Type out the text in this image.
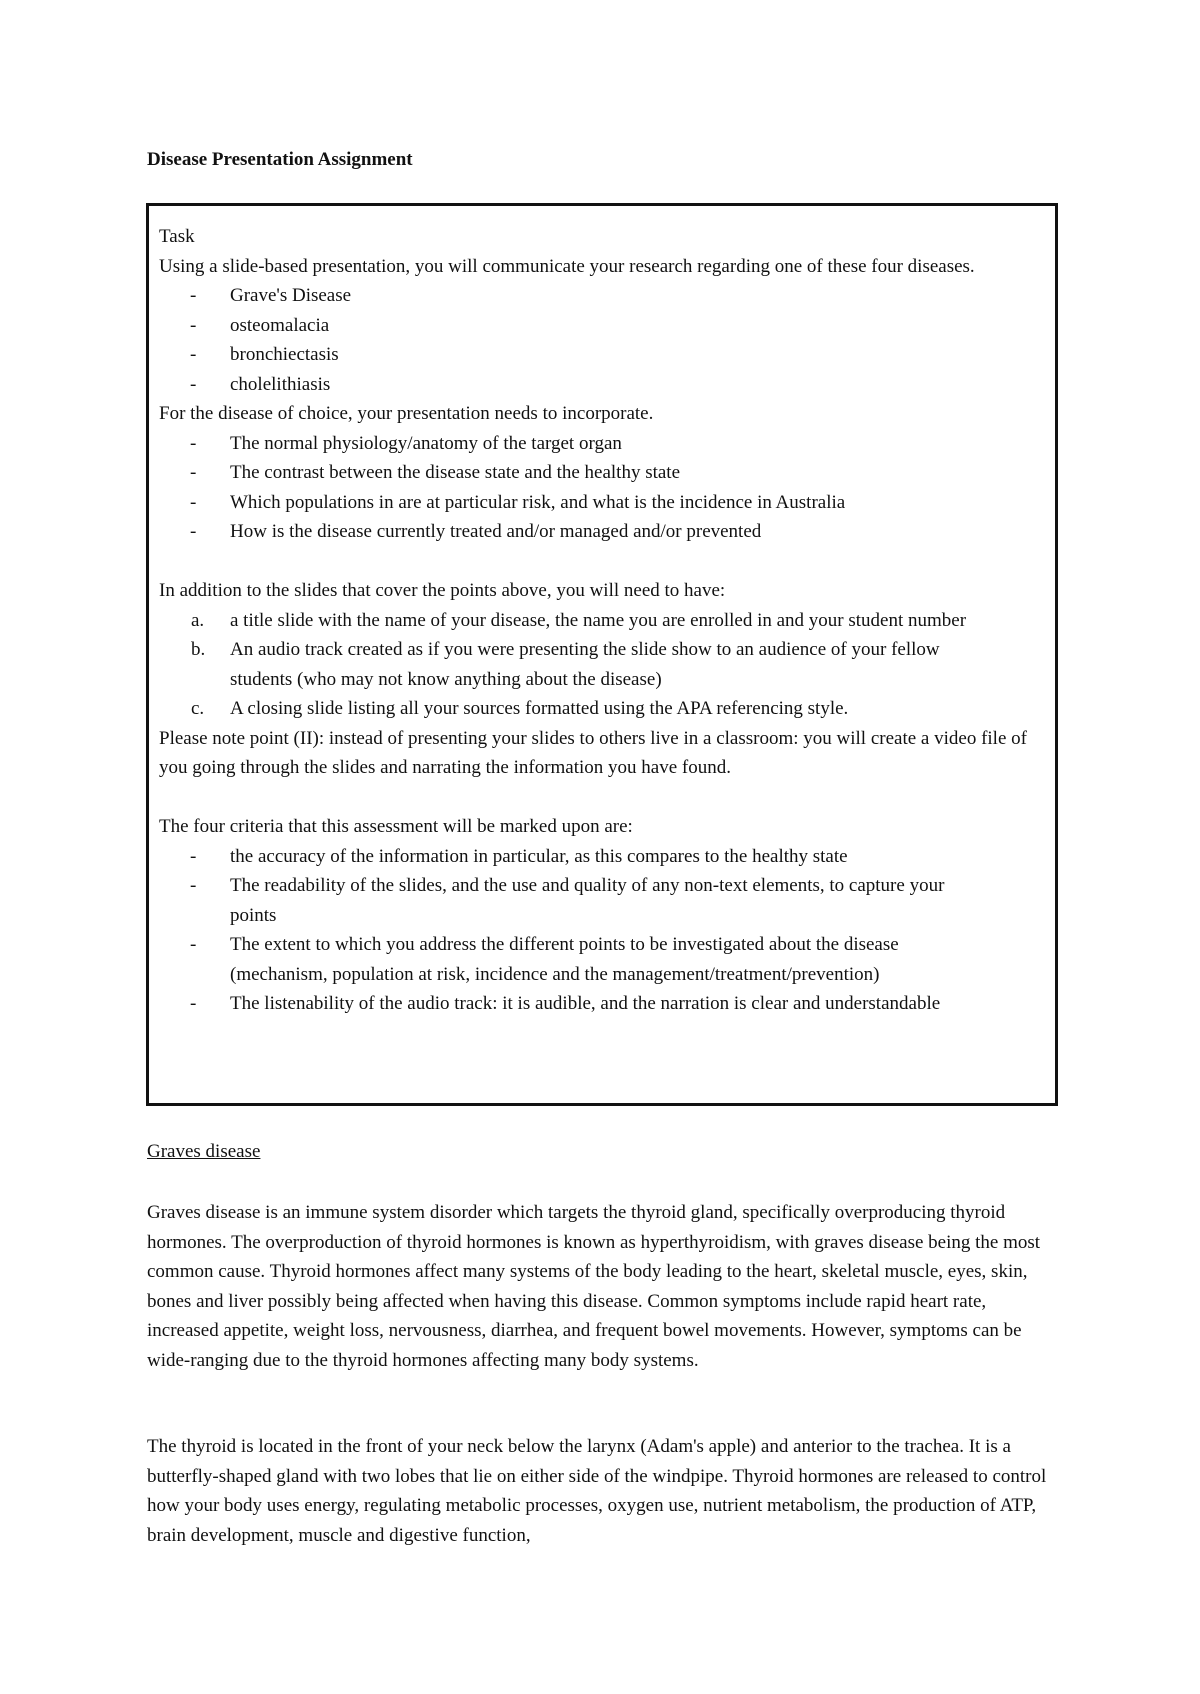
Disease Presentation Assignment

Task

Using a slide-based presentation, you will communicate your research regarding one of these four diseases.

- Grave's Disease
- osteomalacia
- bronchiectasis
- cholelithiasis

For the disease of choice, your presentation needs to incorporate.

- The normal physiology/anatomy of the target organ
- The contrast between the disease state and the healthy state
- Which populations in are at particular risk, and what is the incidence in Australia
- How is the disease currently treated and/or managed and/or prevented

In addition to the slides that cover the points above, you will need to have:

a. a title slide with the name of your disease, the name you are enrolled in and your student number
b. An audio track created as if you were presenting the slide show to an audience of your fellow students (who may not know anything about the disease)
c. A closing slide listing all your sources formatted using the APA referencing style.

Please note point (II): instead of presenting your slides to others live in a classroom: you will create a video file of you going through the slides and narrating the information you have found.

The four criteria that this assessment will be marked upon are:

- the accuracy of the information in particular, as this compares to the healthy state
- The readability of the slides, and the use and quality of any non-text elements, to capture your points
- The extent to which you address the different points to be investigated about the disease (mechanism, population at risk, incidence and the management/treatment/prevention)
- The listenability of the audio track: it is audible, and the narration is clear and understandable
Graves disease

Graves disease is an immune system disorder which targets the thyroid gland, specifically overproducing thyroid hormones. The overproduction of thyroid hormones is known as hyperthyroidism, with graves disease being the most common cause. Thyroid hormones affect many systems of the body leading to the heart, skeletal muscle, eyes, skin, bones and liver possibly being affected when having this disease. Common symptoms include rapid heart rate, increased appetite, weight loss, nervousness, diarrhea, and frequent bowel movements. However, symptoms can be wide-ranging due to the thyroid hormones affecting many body systems.

The thyroid is located in the front of your neck below the larynx (Adam's apple) and anterior to the trachea. It is a butterfly-shaped gland with two lobes that lie on either side of the windpipe. Thyroid hormones are released to control how your body uses energy, regulating metabolic processes, oxygen use, nutrient metabolism, the production of ATP, brain development, muscle and digestive function,
